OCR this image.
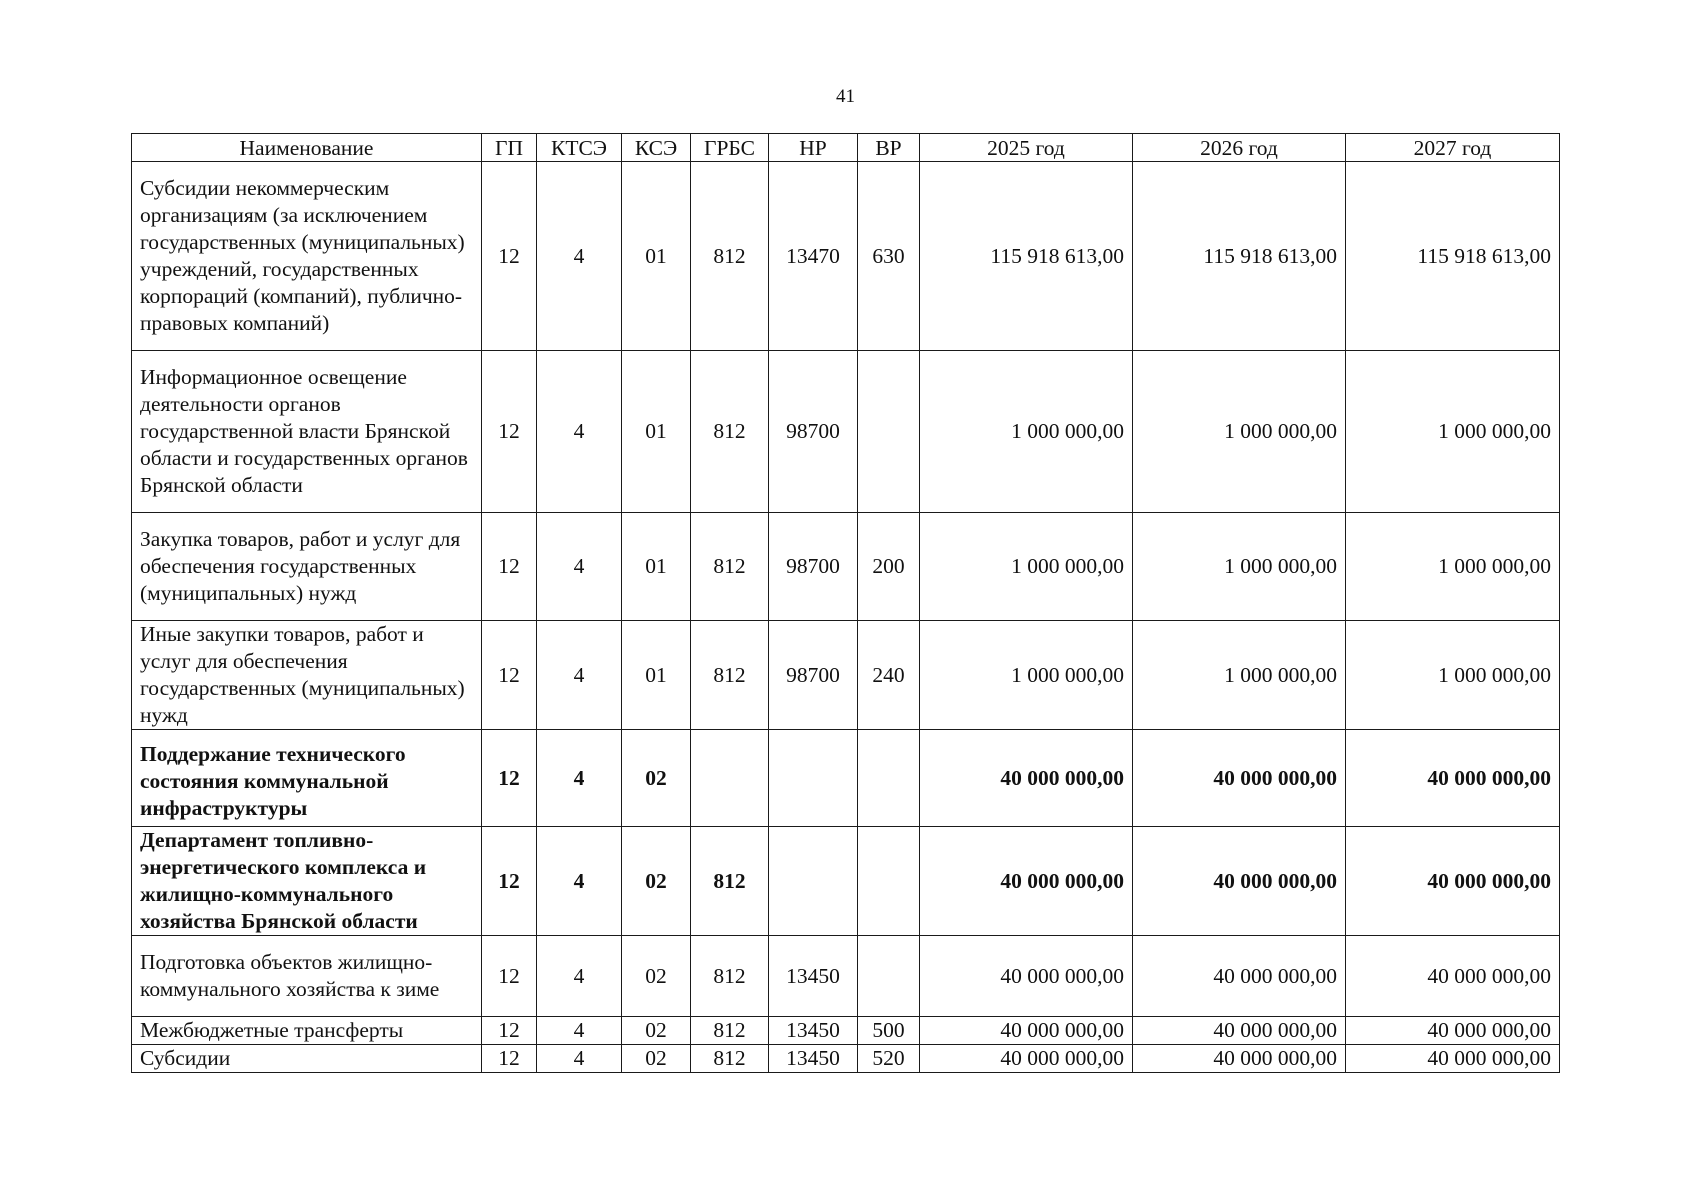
41
Наименование	ГП	КТСЭ	КСЭ	ГРБС	НР	ВР	2025 год	2026 год	2027 год
Субсидии некоммерческим организациям (за исключением государственных (муниципальных) учреждений, государственных корпораций (компаний), публично-правовых компаний)	12	4	01	812	13470	630	115 918 613,00	115 918 613,00	115 918 613,00
Информационное освещение деятельности органов государственной власти Брянской области и государственных органов Брянской области	12	4	01	812	98700		1 000 000,00	1 000 000,00	1 000 000,00
Закупка товаров, работ и услуг для обеспечения государственных (муниципальных) нужд	12	4	01	812	98700	200	1 000 000,00	1 000 000,00	1 000 000,00
Иные закупки товаров, работ и услуг для обеспечения государственных (муниципальных) нужд	12	4	01	812	98700	240	1 000 000,00	1 000 000,00	1 000 000,00
Поддержание технического состояния коммунальной инфраструктуры	12	4	02				40 000 000,00	40 000 000,00	40 000 000,00
Департамент топливно-энергетического комплекса и жилищно-коммунального хозяйства Брянской области	12	4	02	812			40 000 000,00	40 000 000,00	40 000 000,00
Подготовка объектов жилищно-коммунального хозяйства к зиме	12	4	02	812	13450		40 000 000,00	40 000 000,00	40 000 000,00
Межбюджетные трансферты	12	4	02	812	13450	500	40 000 000,00	40 000 000,00	40 000 000,00
Субсидии	12	4	02	812	13450	520	40 000 000,00	40 000 000,00	40 000 000,00
